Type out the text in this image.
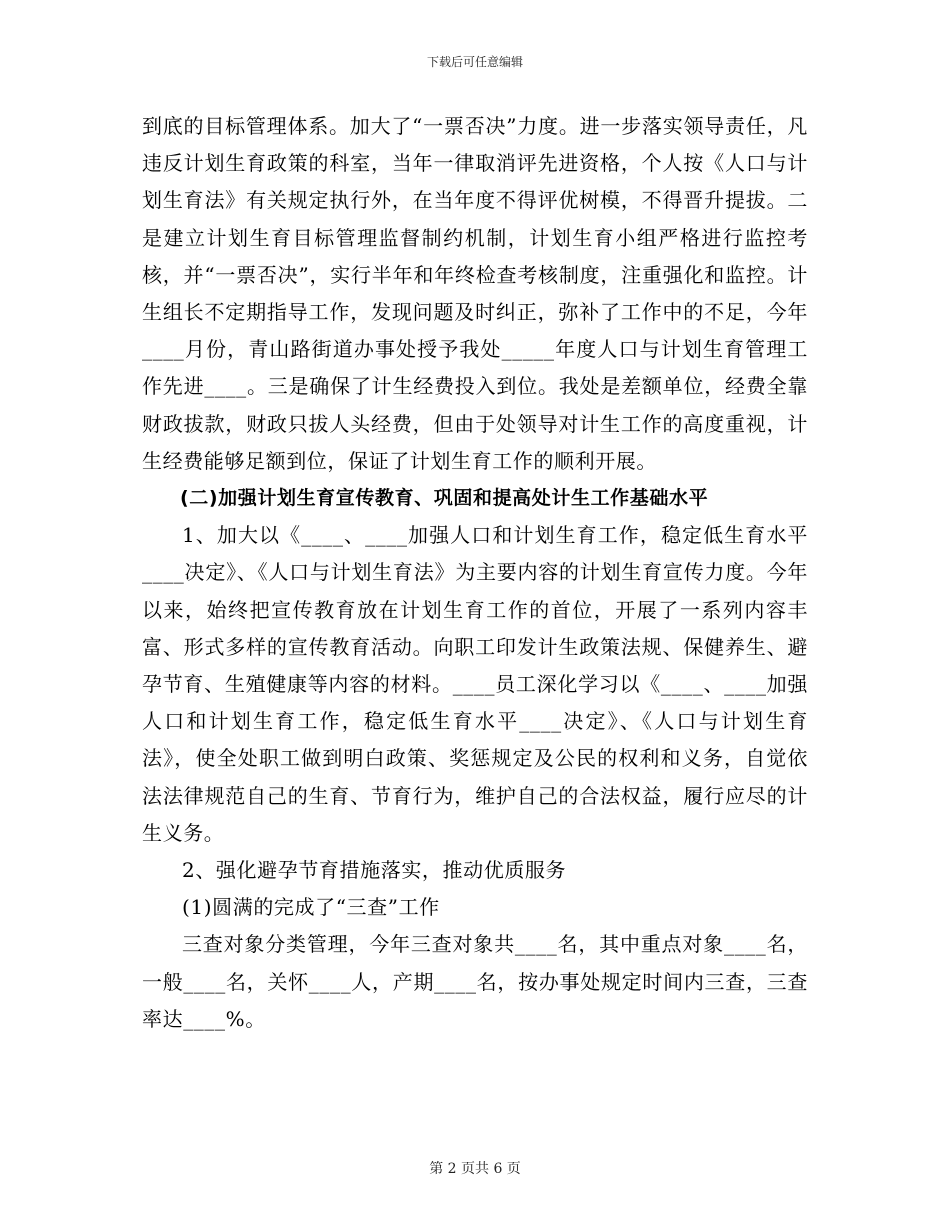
下载后可任意编辑

到底的目标管理体系。加大了“一票否决”力度。进一步落实领导责任，凡违反计划生育政策的科室，当年一律取消评先进资格，个人按《人口与计划生育法》有关规定执行外，在当年度不得评优树模，不得晋升提拔。二是建立计划生育目标管理监督制约机制，计划生育小组严格进行监控考核，并“一票否决”，实行半年和年终检查考核制度，注重强化和监控。计生组长不定期指导工作，发现问题及时纠正，弥补了工作中的不足，今年____月份，青山路街道办事处授予我处_____年度人口与计划生育管理工作先进____。三是确保了计生经费投入到位。我处是差额单位，经费全靠财政拔款，财政只拔人头经费，但由于处领导对计生工作的高度重视，计生经费能够足额到位，保证了计划生育工作的顺利开展。

(二)加强计划生育宣传教育、巩固和提高处计生工作基础水平

1、加大以《____、____加强人口和计划生育工作，稳定低生育水平____决定》、《人口与计划生育法》为主要内容的计划生育宣传力度。今年以来，始终把宣传教育放在计划生育工作的首位，开展了一系列内容丰富、形式多样的宣传教育活动。向职工印发计生政策法规、保健养生、避孕节育、生殖健康等内容的材料。____员工深化学习以《____、____加强人口和计划生育工作，稳定低生育水平____决定》、《人口与计划生育法》，使全处职工做到明白政策、奖惩规定及公民的权利和义务，自觉依法法律规范自己的生育、节育行为，维护自己的合法权益，履行应尽的计生义务。

2、强化避孕节育措施落实，推动优质服务

(1)圆满的完成了“三查”工作

三查对象分类管理，今年三查对象共____名，其中重点对象____名，一般____名，关怀____人，产期____名，按办事处规定时间内三查，三查率达____%。

第 2 页共 6 页
